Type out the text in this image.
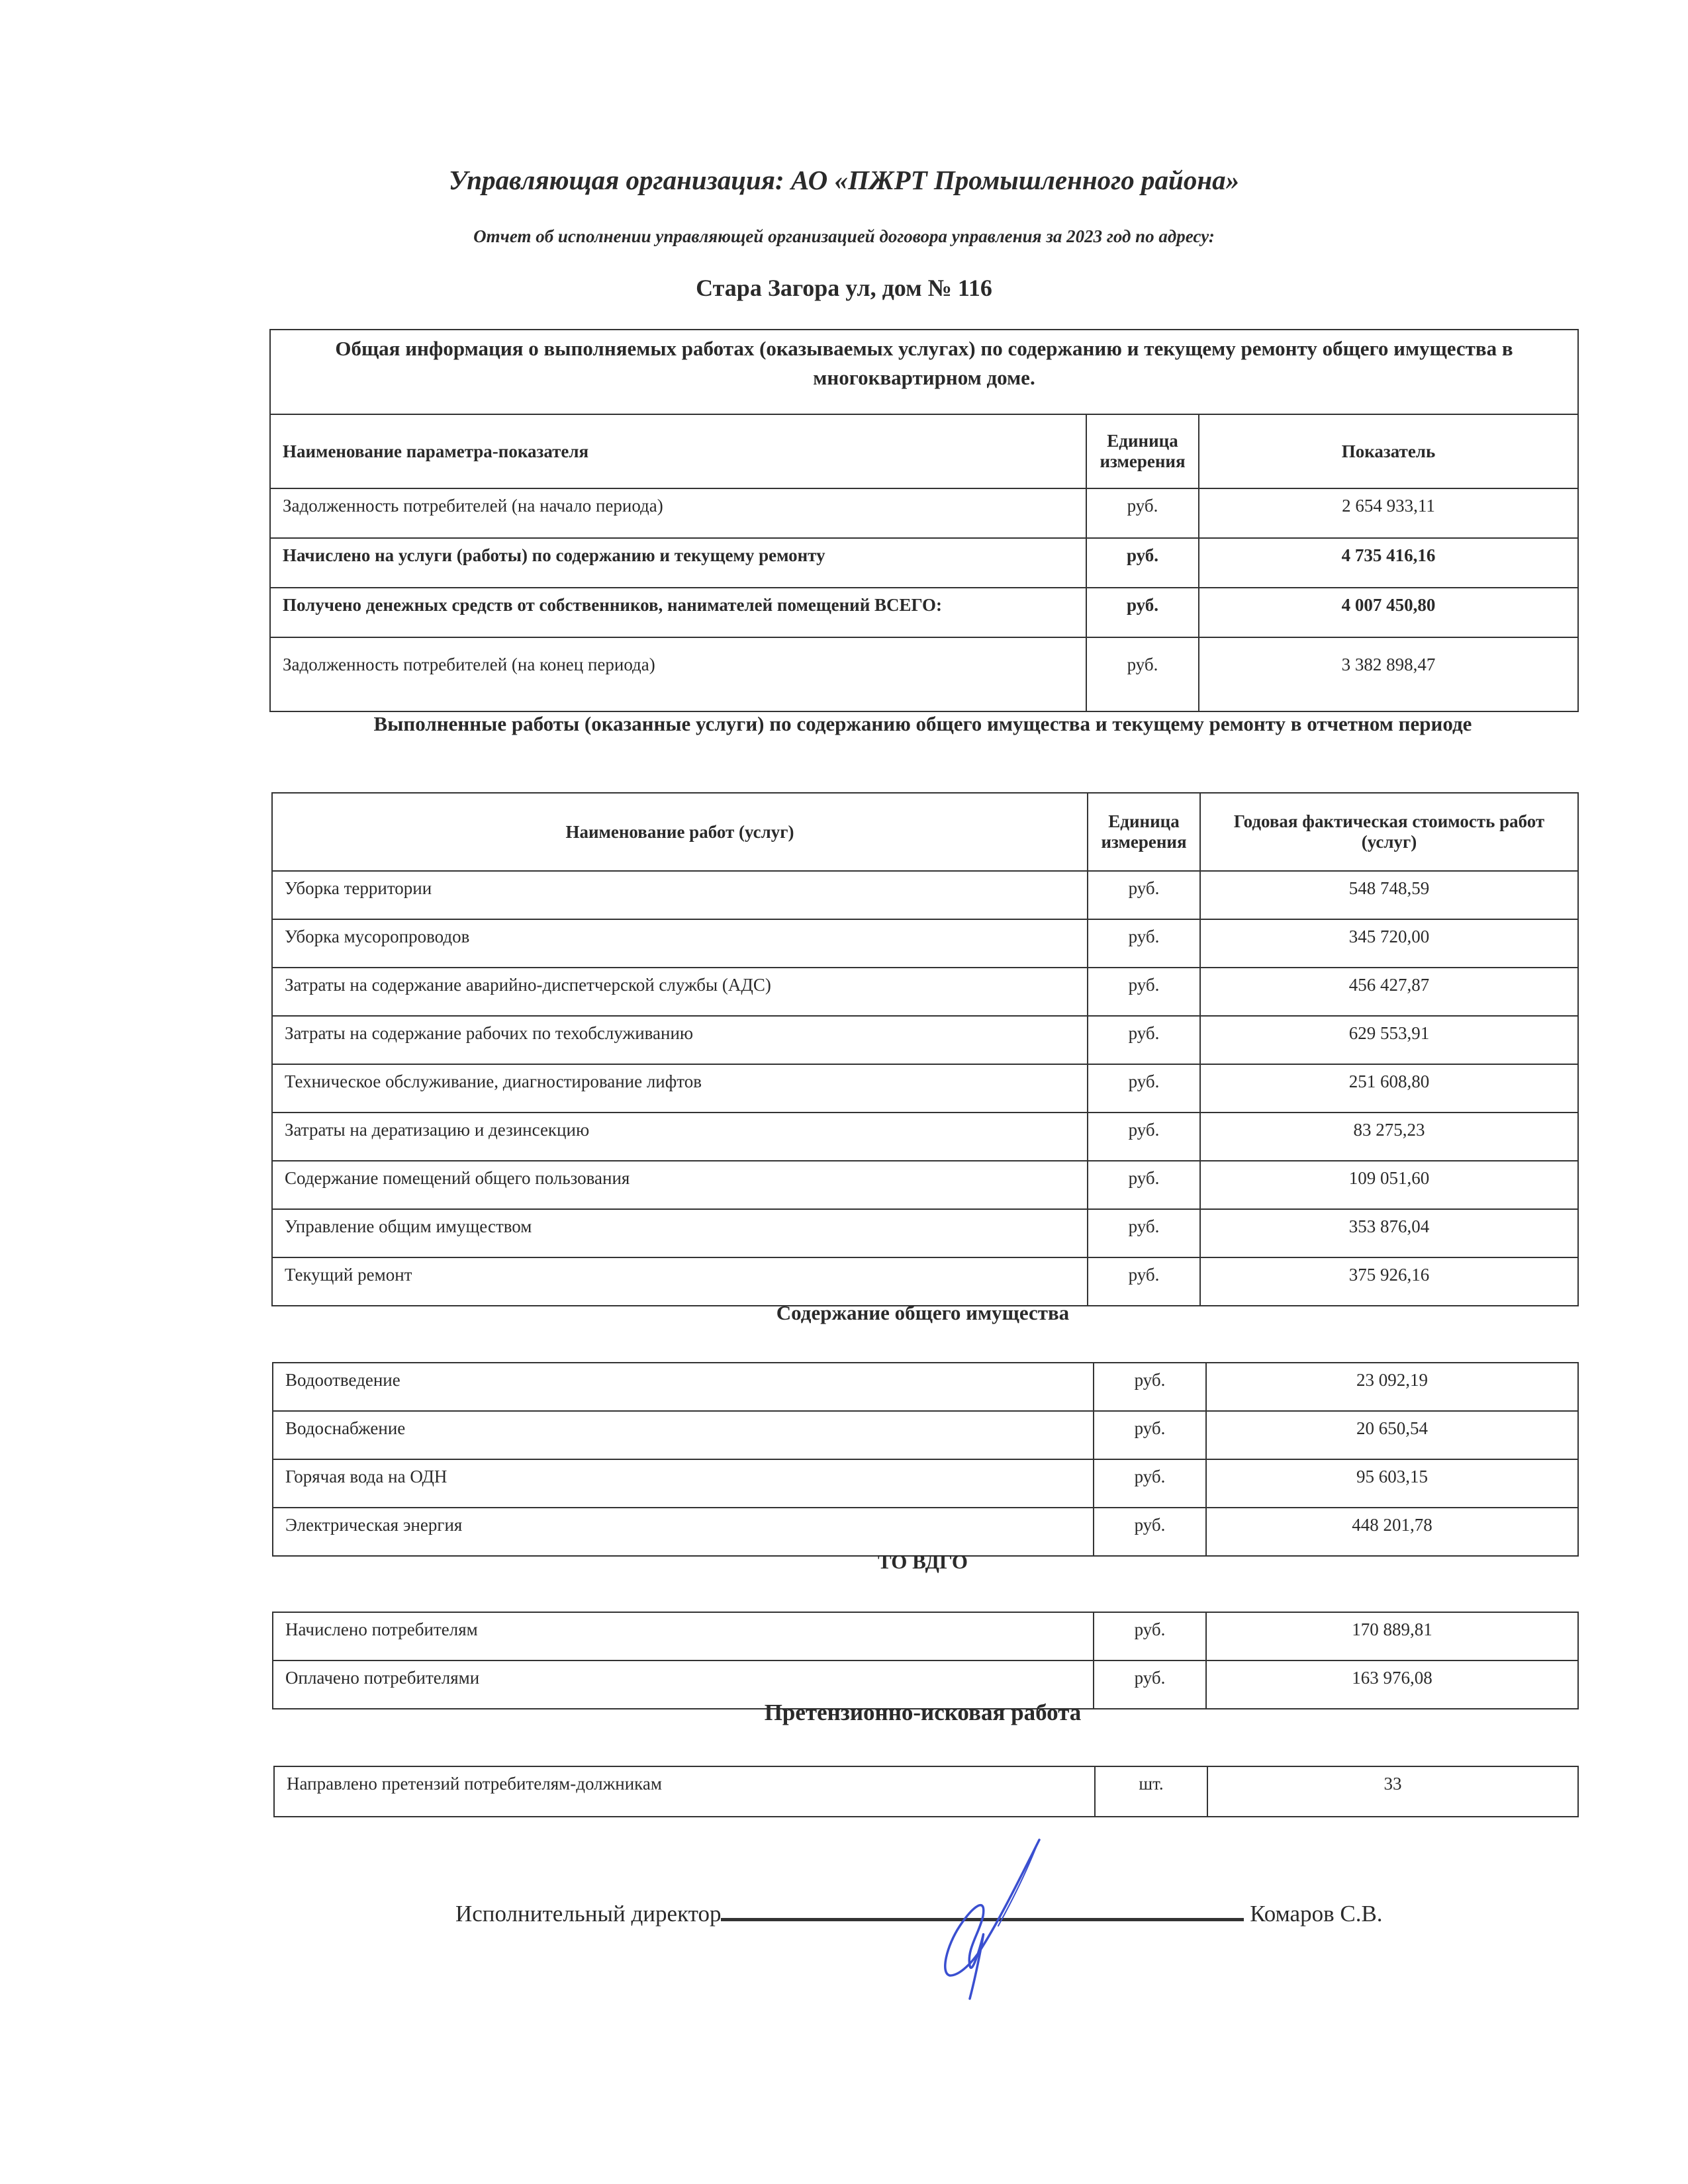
Управляющая организация: АО «ПЖРТ Промышленного района»
Отчет об исполнении управляющей организацией договора управления за 2023 год по адресу:
Стара Загора ул, дом № 116
Общая информация о выполняемых работах (оказываемых услугах) по содержанию и текущему ремонту общего имущества в многоквартирном доме.		
Наименование параметра-показателя	Единица измерения	Показатель
Задолженность потребителей (на начало периода)	руб.	2 654 933,11
Начислено на услуги (работы) по содержанию и текущему ремонту	руб.	4 735 416,16
Получено денежных средств от собственников, нанимателей помещений ВСЕГО:	руб.	4 007 450,80
Задолженность потребителей (на конец периода)	руб.	3 382 898,47
Выполненные работы (оказанные услуги) по содержанию общего имущества и текущему ремонту в отчетном периоде
Наименование работ (услуг)	Единица измерения	Годовая фактическая стоимость работ (услуг)
Уборка территории	руб.	548 748,59
Уборка мусоропроводов	руб.	345 720,00
Затраты на содержание аварийно-диспетчерской службы (АДС)	руб.	456 427,87
Затраты на содержание рабочих по техобслуживанию	руб.	629 553,91
Техническое обслуживание, диагностирование лифтов	руб.	251 608,80
Затраты на дератизацию и дезинсекцию	руб.	83 275,23
Содержание помещений общего пользования	руб.	109 051,60
Управление общим имуществом	руб.	353 876,04
Текущий ремонт	руб.	375 926,16
Содержание общего имущества
Водоотведение	руб.	23 092,19
Водоснабжение	руб.	20 650,54
Горячая вода на ОДН	руб.	95 603,15
Электрическая энергия	руб.	448 201,78
ТО ВДГО
Начислено потребителям	руб.	170 889,81
Оплачено потребителями	руб.	163 976,08
Претензионно-исковая работа
Направлено претензий потребителям-должникам	шт.	33
Исполнительный директор	Комаров С.В.
